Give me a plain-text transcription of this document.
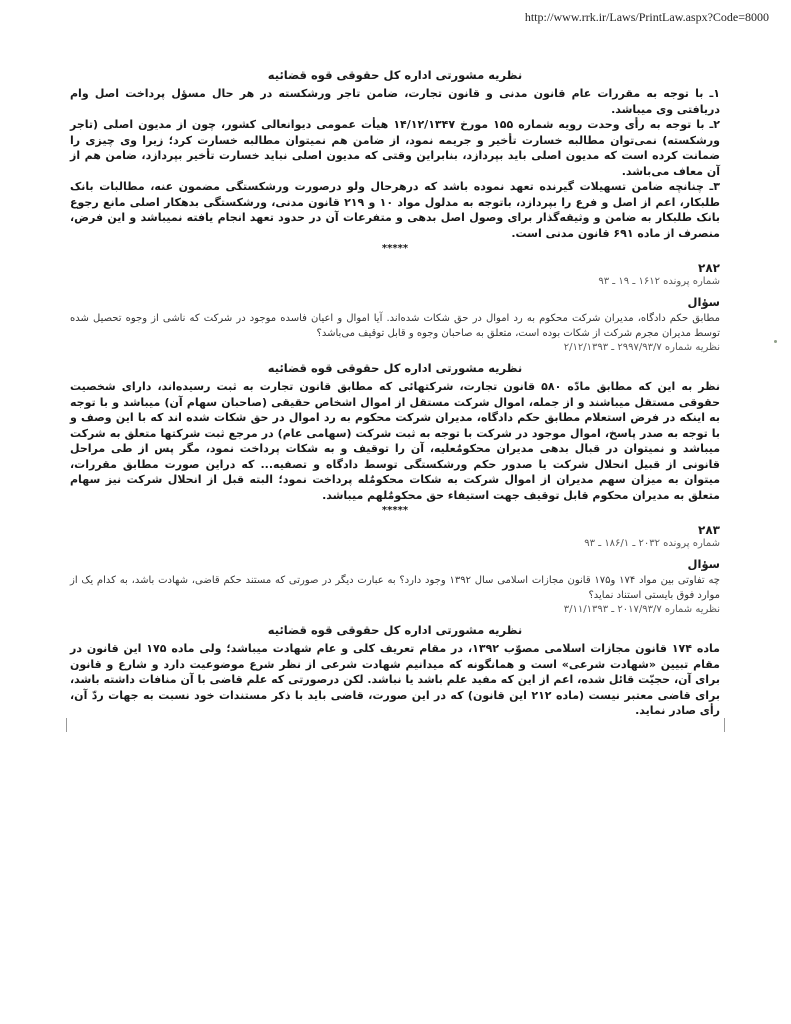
http://www.rrk.ir/Laws/PrintLaw.aspx?Code=8000
نظریه مشورتی اداره کل حقوقی قوه قضائیه

۱ـ با توجه به مقررات عام قانون مدنی و قانون تجارت، ضامن تاجر ورشکسته در هر حال مسؤل پرداخت اصل وام دریافتی وی میباشد.

۲ـ با توجه به رأی وحدت رویه شماره ۱۵۵ مورخ ۱۴/۱۲/۱۳۴۷ هیأت عمومی دیوانعالی کشور، چون از مدیون اصلی (تاجر ورشکسته) نمی‌توان مطالبه خسارت تأخیر و جریمه نمود، از ضامن هم نمیتوان مطالبه خسارت کرد؛ زیرا وی چیزی را ضمانت کرده است که مدیون اصلی باید بپردازد، بنابراین وقتی که مدیون اصلی نباید خسارت تأخیر بپردازد، ضامن هم از آن معاف می‌باشد.

۳ـ چنانچه ضامن تسهیلات گیرنده تعهد نموده باشد که درهرحال ولو درصورت ورشکستگی مضمون عنه، مطالبات بانک طلبکار، اعم از اصل و فرع را بپردازد، باتوجه به مدلول مواد ۱۰ و ۲۱۹ قانون مدنی، ورشکستگی بدهکار اصلی مانع رجوع بانک طلبکار به ضامن و وثیقه‌گذار برای وصول اصل بدهی و متفرعات آن در حدود تعهد انجام یافته نمیباشد و این فرض، منصرف از ماده ۶۹۱ قانون مدنی است.

*****
۲۸۲
شماره پرونده ۱۶۱۲ ـ ۱۹ ـ ۹۳
سؤال

مطابق حکم دادگاه، مدیران شرکت محکوم به رد اموال در حق شکات شده‌اند. آیا اموال و اعیان فاسده موجود در شرکت که ناشی از وجوه تحصیل شده توسط مدیران مجرم شرکت از شکات بوده است، متعلق به صاحبان وجوه و قابل توقیف می‌باشد؟

نظریه شماره ۲۹۹۷/۹۳/۷ ـ ۲/۱۲/۱۳۹۳
نظریه مشورتی اداره کل حقوقی قوه قضائیه

نظر به این که مطابق مادّه ۵۸۰ قانون تجارت، شرکتهائی که مطابق قانون تجارت به ثبت رسیده‌اند، دارای شخصیت حقوقی مستقل میباشند و از جمله، اموال شرکت مستقل از اموال اشخاص حقیقی (صاحبان سهام آن) میباشد و با توجه به اینکه در فرض استعلام مطابق حکم دادگاه، مدیران شرکت محکوم به رد اموال در حق شکات شده اند که با این وصف و با توجه به صدر پاسخ، اموال موجود در شرکت با توجه به ثبت شرکت (سهامی عام) در مرجع ثبت شرکتها متعلق به شرکت میباشد و نمیتوان در قبال بدهی مدیران محکومٌعلیه، آن را توقیف و به شکات پرداخت نمود، مگر پس از طی مراحل قانونی از قبیل انحلال شرکت یا صدور حکم ورشکستگی توسط دادگاه و تصفیه... که دراین صورت مطابق مقررات، میتوان به میزان سهم مدیران از اموال شرکت به شکات محکومٌله پرداخت نمود؛ البته قبل از انحلال شرکت نیز سهام متعلق به مدیران محکوم قابل توقیف جهت استیفاء حق محکومٌلهم میباشد.

*****
۲۸۳
شماره پرونده ۲۰۳۲ ـ ۱۸۶/۱ ـ ۹۳
سؤال

چه تفاوتی بین مواد ۱۷۴ و۱۷۵ قانون مجازات اسلامی سال ۱۳۹۲ وجود دارد؟ به عبارت دیگر در صورتی که مستند حکم قاضی، شهادت باشد، به کدام یک از موارد فوق بایستی استناد نماید؟

نظریه شماره ۲۰۱۷/۹۳/۷ ـ ۳/۱۱/۱۳۹۳
نظریه مشورتی اداره کل حقوقی قوه قضائیه

ماده ۱۷۴ قانون مجازات اسلامی مصوّب ۱۳۹۲، در مقام تعریف کلی و عام شهادت میباشد؛ ولی ماده ۱۷۵ این قانون در مقام تبیین «شهادت شرعی» است و همانگونه که میدانیم شهادت شرعی از نظر شرع موضوعیت دارد و شارع و قانون برای آن، حجیّت قائل شده، اعم از این که مفید علم باشد یا نباشد. لکن درصورتی که علم قاضی با آن منافات داشته باشد، برای قاضی معتبر نیست (ماده ۲۱۲ این قانون) که در این صورت، قاضی باید با ذکر مستندات خود نسبت به جهات ردّ آن، رأی صادر نماید.
